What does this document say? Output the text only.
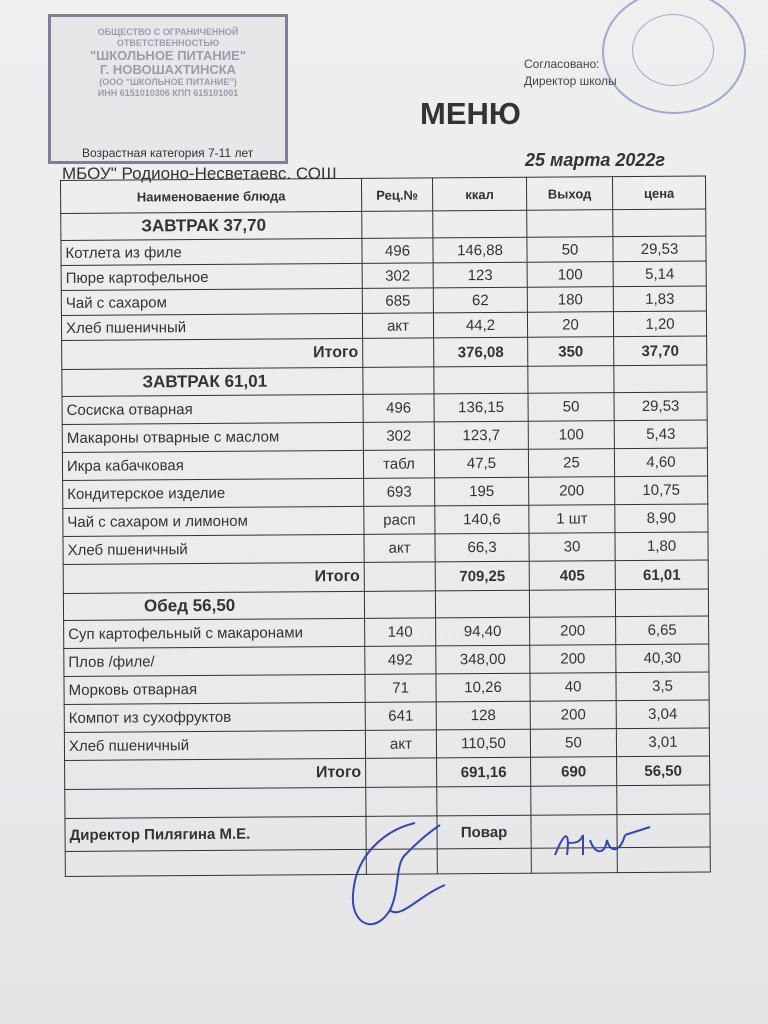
ОБЩЕСТВО С ОГРАНИЧЕННОЙ
ОТВЕТСТВЕННОСТЬЮ
"ШКОЛЬНОЕ ПИТАНИЕ"
Г. НОВОШАХТИНСКА
(ООО "ШКОЛЬНОЕ ПИТАНИЕ")
ИНН 6151010306 КПП 615101001
Возрастная категория 7-11 лет
МБОУ" Родионо-Несветаевс. СОШ
Согласовано:
Директор школы
МЕНЮ
25 марта 2022г
Наименоваение блюда	Рец.№	ккал	Выход	цена
ЗАВТРАК 37,70				
Котлета из филе	496	146,88	50	29,53
Пюре картофельное	302	123	100	5,14
Чай с сахаром	685	62	180	1,83
Хлеб пшеничный	акт	44,2	20	1,20
Итого		376,08	350	37,70
ЗАВТРАК 61,01				
Сосиска отварная	496	136,15	50	29,53
Макароны отварные с маслом	302	123,7	100	5,43
Икра кабачковая	табл	47,5	25	4,60
Кондитерское изделие	693	195	200	10,75
Чай с сахаром и лимоном	расп	140,6	1 шт	8,90
Хлеб пшеничный	акт	66,3	30	1,80
Итого		709,25	405	61,01
Обед 56,50				
Суп картофельный с макаронами	140	94,40	200	6,65
Плов /филе/	492	348,00	200	40,30
Морковь отварная	71	10,26	40	3,5
Компот из сухофруктов	641	128	200	3,04
Хлеб пшеничный	акт	110,50	50	3,01
Итого		691,16	690	56,50

Директор Пилягина М.Е.		Повар		
